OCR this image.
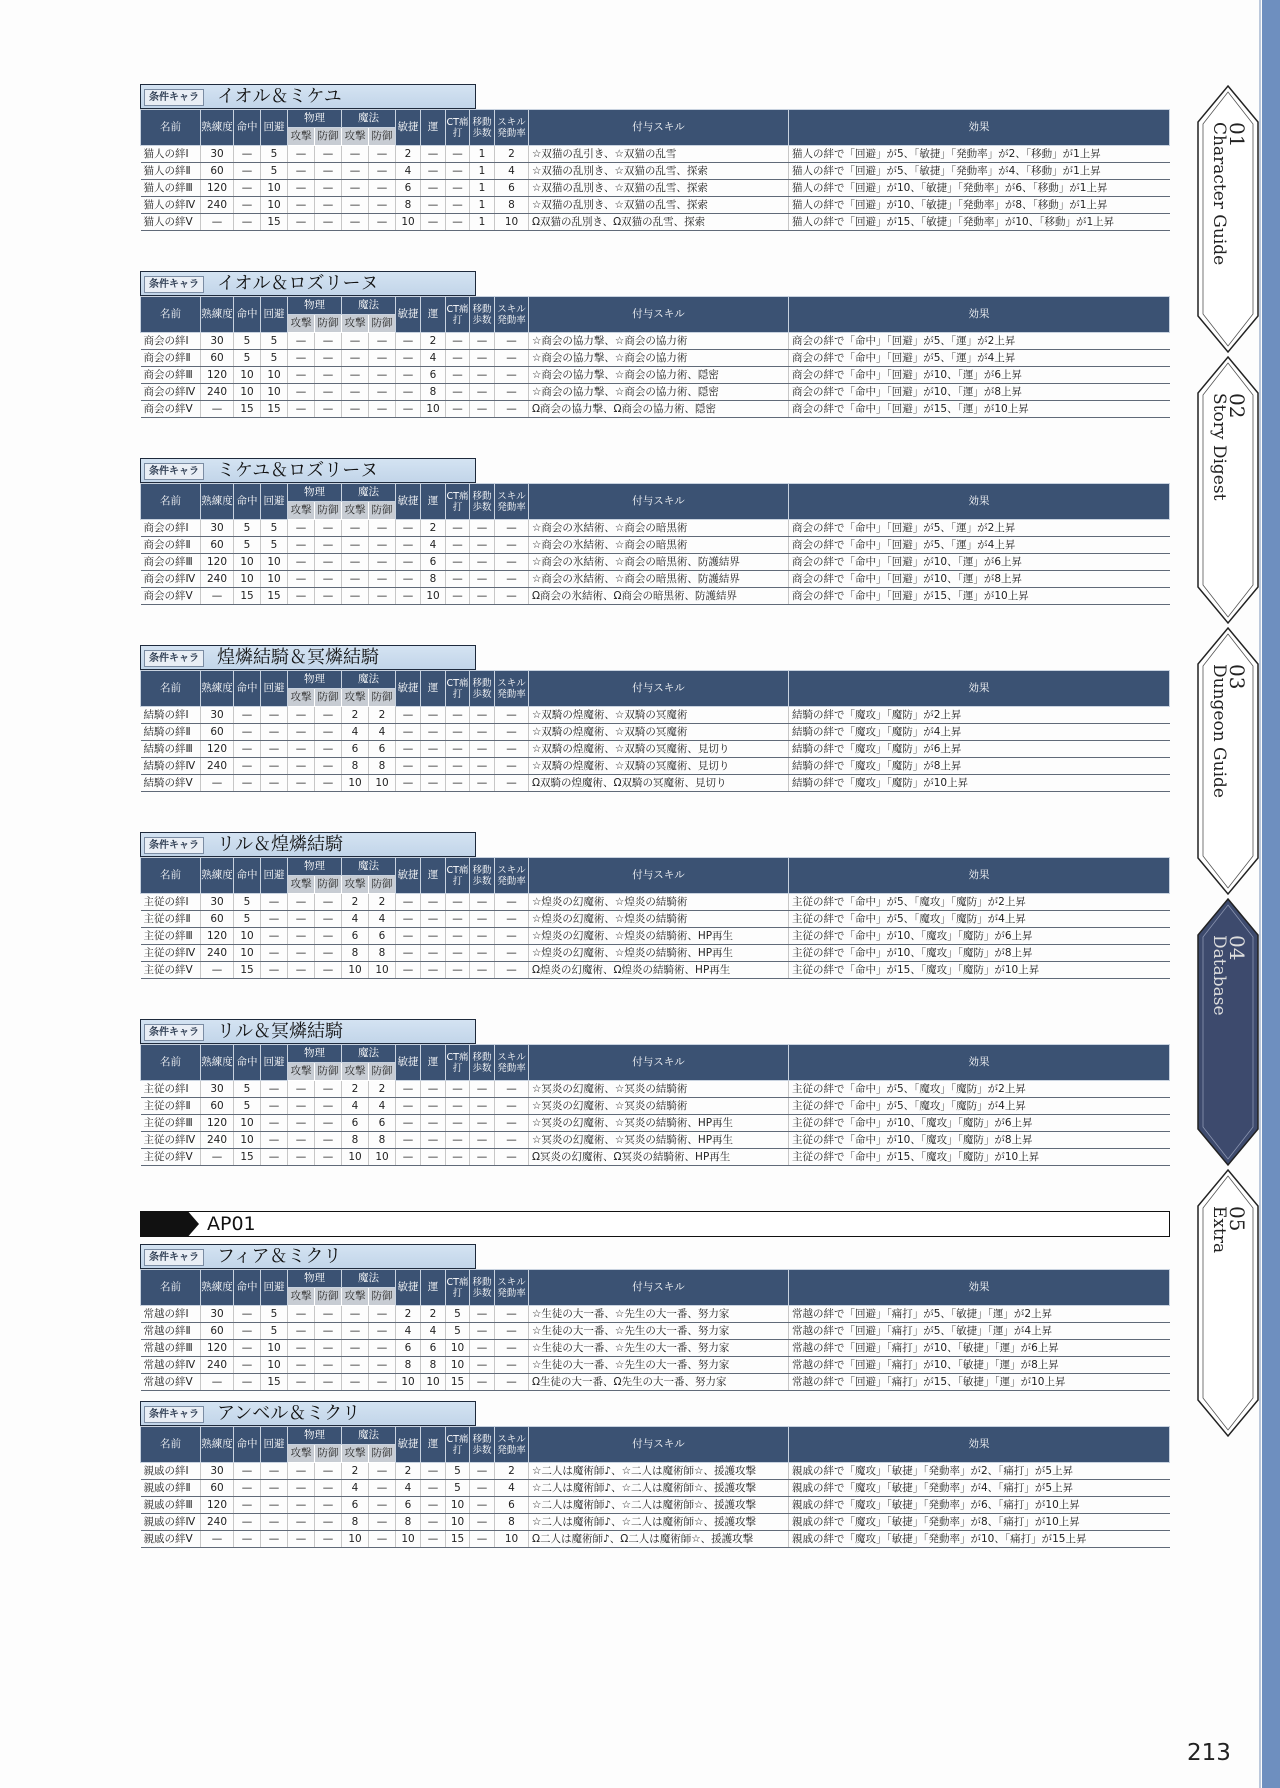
条件キャラ イオル＆ミケユ
名前	熟練度	命中	回避	物理		魔法		敏捷	運	CT痛打	移動歩数	スキル発動率	付与スキル	効果
				攻撃	防御	攻撃	防御							
猫人の絆Ⅰ	30	—	5	—	—	—	—	2	—	—	1	2	☆双猫の乱引き、☆双猫の乱雪	猫人の絆で「回避」が5、「敏捷」「発動率」が2、「移動」が1上昇
猫人の絆Ⅱ	60	—	5	—	—	—	—	4	—	—	1	4	☆双猫の乱別き、☆双猫の乱雪、探索	猫人の絆で「回避」が5、「敏捷」「発動率」が4、「移動」が1上昇
猫人の絆Ⅲ	120	—	10	—	—	—	—	6	—	—	1	6	☆双猫の乱別き、☆双猫の乱雪、探索	猫人の絆で「回避」が10、「敏捷」「発動率」が6、「移動」が1上昇
猫人の絆Ⅳ	240	—	10	—	—	—	—	8	—	—	1	8	☆双猫の乱別き、☆双猫の乱雪、探索	猫人の絆で「回避」が10、「敏捷」「発動率」が8、「移動」が1上昇
猫人の絆Ⅴ	—	—	15	—	—	—	—	10	—	—	1	10	Ω双猫の乱別き、Ω双猫の乱雪、探索	猫人の絆で「回避」が15、「敏捷」「発動率」が10、「移動」が1上昇
条件キャラ イオル＆ロズリーヌ
名前	熟練度	命中	回避	物理		魔法		敏捷	運	CT痛打	移動歩数	スキル発動率	付与スキル	効果
				攻撃	防御	攻撃	防御							
商会の絆Ⅰ	30	5	5	—	—	—	—	—	2	—	—	—	☆商会の協力撃、☆商会の協力術	商会の絆で「命中」「回避」が5、「運」が2上昇
商会の絆Ⅱ	60	5	5	—	—	—	—	—	4	—	—	—	☆商会の協力撃、☆商会の協力術	商会の絆で「命中」「回避」が5、「運」が4上昇
商会の絆Ⅲ	120	10	10	—	—	—	—	—	6	—	—	—	☆商会の協力撃、☆商会の協力術、隠密	商会の絆で「命中」「回避」が10、「運」が6上昇
商会の絆Ⅳ	240	10	10	—	—	—	—	—	8	—	—	—	☆商会の協力撃、☆商会の協力術、隠密	商会の絆で「命中」「回避」が10、「運」が8上昇
商会の絆Ⅴ	—	15	15	—	—	—	—	—	10	—	—	—	Ω商会の協力撃、Ω商会の協力術、隠密	商会の絆で「命中」「回避」が15、「運」が10上昇
条件キャラ ミケユ＆ロズリーヌ
名前	熟練度	命中	回避	物理		魔法		敏捷	運	CT痛打	移動歩数	スキル発動率	付与スキル	効果
				攻撃	防御	攻撃	防御							
商会の絆Ⅰ	30	5	5	—	—	—	—	—	2	—	—	—	☆商会の氷結術、☆商会の暗黒術	商会の絆で「命中」「回避」が5、「運」が2上昇
商会の絆Ⅱ	60	5	5	—	—	—	—	—	4	—	—	—	☆商会の氷結術、☆商会の暗黒術	商会の絆で「命中」「回避」が5、「運」が4上昇
商会の絆Ⅲ	120	10	10	—	—	—	—	—	6	—	—	—	☆商会の氷結術、☆商会の暗黒術、防護結界	商会の絆で「命中」「回避」が10、「運」が6上昇
商会の絆Ⅳ	240	10	10	—	—	—	—	—	8	—	—	—	☆商会の氷結術、☆商会の暗黒術、防護結界	商会の絆で「命中」「回避」が10、「運」が8上昇
商会の絆Ⅴ	—	15	15	—	—	—	—	—	10	—	—	—	Ω商会の氷結術、Ω商会の暗黒術、防護結界	商会の絆で「命中」「回避」が15、「運」が10上昇
条件キャラ 煌燐結騎＆冥燐結騎
名前	熟練度	命中	回避	物理		魔法		敏捷	運	CT痛打	移動歩数	スキル発動率	付与スキル	効果
				攻撃	防御	攻撃	防御							
結騎の絆Ⅰ	30	—	—	—	—	2	2	—	—	—	—	—	☆双騎の煌魔術、☆双騎の冥魔術	結騎の絆で「魔攻」「魔防」が2上昇
結騎の絆Ⅱ	60	—	—	—	—	4	4	—	—	—	—	—	☆双騎の煌魔術、☆双騎の冥魔術	結騎の絆で「魔攻」「魔防」が4上昇
結騎の絆Ⅲ	120	—	—	—	—	6	6	—	—	—	—	—	☆双騎の煌魔術、☆双騎の冥魔術、見切り	結騎の絆で「魔攻」「魔防」が6上昇
結騎の絆Ⅳ	240	—	—	—	—	8	8	—	—	—	—	—	☆双騎の煌魔術、☆双騎の冥魔術、見切り	結騎の絆で「魔攻」「魔防」が8上昇
結騎の絆Ⅴ	—	—	—	—	—	10	10	—	—	—	—	—	Ω双騎の煌魔術、Ω双騎の冥魔術、見切り	結騎の絆で「魔攻」「魔防」が10上昇
条件キャラ リル＆煌燐結騎
名前	熟練度	命中	回避	物理		魔法		敏捷	運	CT痛打	移動歩数	スキル発動率	付与スキル	効果
				攻撃	防御	攻撃	防御							
主従の絆Ⅰ	30	5	—	—	—	2	2	—	—	—	—	—	☆煌炎の幻魔術、☆煌炎の結騎術	主従の絆で「命中」が5、「魔攻」「魔防」が2上昇
主従の絆Ⅱ	60	5	—	—	—	4	4	—	—	—	—	—	☆煌炎の幻魔術、☆煌炎の結騎術	主従の絆で「命中」が5、「魔攻」「魔防」が4上昇
主従の絆Ⅲ	120	10	—	—	—	6	6	—	—	—	—	—	☆煌炎の幻魔術、☆煌炎の結騎術、HP再生	主従の絆で「命中」が10、「魔攻」「魔防」が6上昇
主従の絆Ⅳ	240	10	—	—	—	8	8	—	—	—	—	—	☆煌炎の幻魔術、☆煌炎の結騎術、HP再生	主従の絆で「命中」が10、「魔攻」「魔防」が8上昇
主従の絆Ⅴ	—	15	—	—	—	10	10	—	—	—	—	—	Ω煌炎の幻魔術、Ω煌炎の結騎術、HP再生	主従の絆で「命中」が15、「魔攻」「魔防」が10上昇
条件キャラ リル＆冥燐結騎
名前	熟練度	命中	回避	物理		魔法		敏捷	運	CT痛打	移動歩数	スキル発動率	付与スキル	効果
				攻撃	防御	攻撃	防御							
主従の絆Ⅰ	30	5	—	—	—	2	2	—	—	—	—	—	☆冥炎の幻魔術、☆冥炎の結騎術	主従の絆で「命中」が5、「魔攻」「魔防」が2上昇
主従の絆Ⅱ	60	5	—	—	—	4	4	—	—	—	—	—	☆冥炎の幻魔術、☆冥炎の結騎術	主従の絆で「命中」が5、「魔攻」「魔防」が4上昇
主従の絆Ⅲ	120	10	—	—	—	6	6	—	—	—	—	—	☆冥炎の幻魔術、☆冥炎の結騎術、HP再生	主従の絆で「命中」が10、「魔攻」「魔防」が6上昇
主従の絆Ⅳ	240	10	—	—	—	8	8	—	—	—	—	—	☆冥炎の幻魔術、☆冥炎の結騎術、HP再生	主従の絆で「命中」が10、「魔攻」「魔防」が8上昇
主従の絆Ⅴ	—	15	—	—	—	10	10	—	—	—	—	—	Ω冥炎の幻魔術、Ω冥炎の結騎術、HP再生	主従の絆で「命中」が15、「魔攻」「魔防」が10上昇
条件キャラ フィア＆ミクリ
名前	熟練度	命中	回避	物理		魔法		敏捷	運	CT痛打	移動歩数	スキル発動率	付与スキル	効果
				攻撃	防御	攻撃	防御							
常越の絆Ⅰ	30	—	5	—	—	—	—	2	2	5	—	—	☆生徒の大一番、☆先生の大一番、努力家	常越の絆で「回避」「痛打」が5、「敏捷」「運」が2上昇
常越の絆Ⅱ	60	—	5	—	—	—	—	4	4	5	—	—	☆生徒の大一番、☆先生の大一番、努力家	常越の絆で「回避」「痛打」が5、「敏捷」「運」が4上昇
常越の絆Ⅲ	120	—	10	—	—	—	—	6	6	10	—	—	☆生徒の大一番、☆先生の大一番、努力家	常越の絆で「回避」「痛打」が10、「敏捷」「運」が6上昇
常越の絆Ⅳ	240	—	10	—	—	—	—	8	8	10	—	—	☆生徒の大一番、☆先生の大一番、努力家	常越の絆で「回避」「痛打」が10、「敏捷」「運」が8上昇
常越の絆Ⅴ	—	—	15	—	—	—	—	10	10	15	—	—	Ω生徒の大一番、Ω先生の大一番、努力家	常越の絆で「回避」「痛打」が15、「敏捷」「運」が10上昇
条件キャラ アンベル＆ミクリ
名前	熟練度	命中	回避	物理		魔法		敏捷	運	CT痛打	移動歩数	スキル発動率	付与スキル	効果
				攻撃	防御	攻撃	防御							
親戚の絆Ⅰ	30	—	—	—	—	2	—	2	—	5	—	2	☆二人は魔術師♪、☆二人は魔術師☆、援護攻撃	親戚の絆で「魔攻」「敏捷」「発動率」が2、「痛打」が5上昇
親戚の絆Ⅱ	60	—	—	—	—	4	—	4	—	5	—	4	☆二人は魔術師♪、☆二人は魔術師☆、援護攻撃	親戚の絆で「魔攻」「敏捷」「発動率」が4、「痛打」が5上昇
親戚の絆Ⅲ	120	—	—	—	—	6	—	6	—	10	—	6	☆二人は魔術師♪、☆二人は魔術師☆、援護攻撃	親戚の絆で「魔攻」「敏捷」「発動率」が6、「痛打」が10上昇
親戚の絆Ⅳ	240	—	—	—	—	8	—	8	—	10	—	8	☆二人は魔術師♪、☆二人は魔術師☆、援護攻撃	親戚の絆で「魔攻」「敏捷」「発動率」が8、「痛打」が10上昇
親戚の絆Ⅴ	—	—	—	—	—	10	—	10	—	15	—	10	Ω二人は魔術師♪、Ω二人は魔術師☆、援護攻撃	親戚の絆で「魔攻」「敏捷」「発動率」が10、「痛打」が15上昇
AP01
01
Character Guide
02
Story Digest
03
Dungeon Guide
04
Database
05
Extra
213
